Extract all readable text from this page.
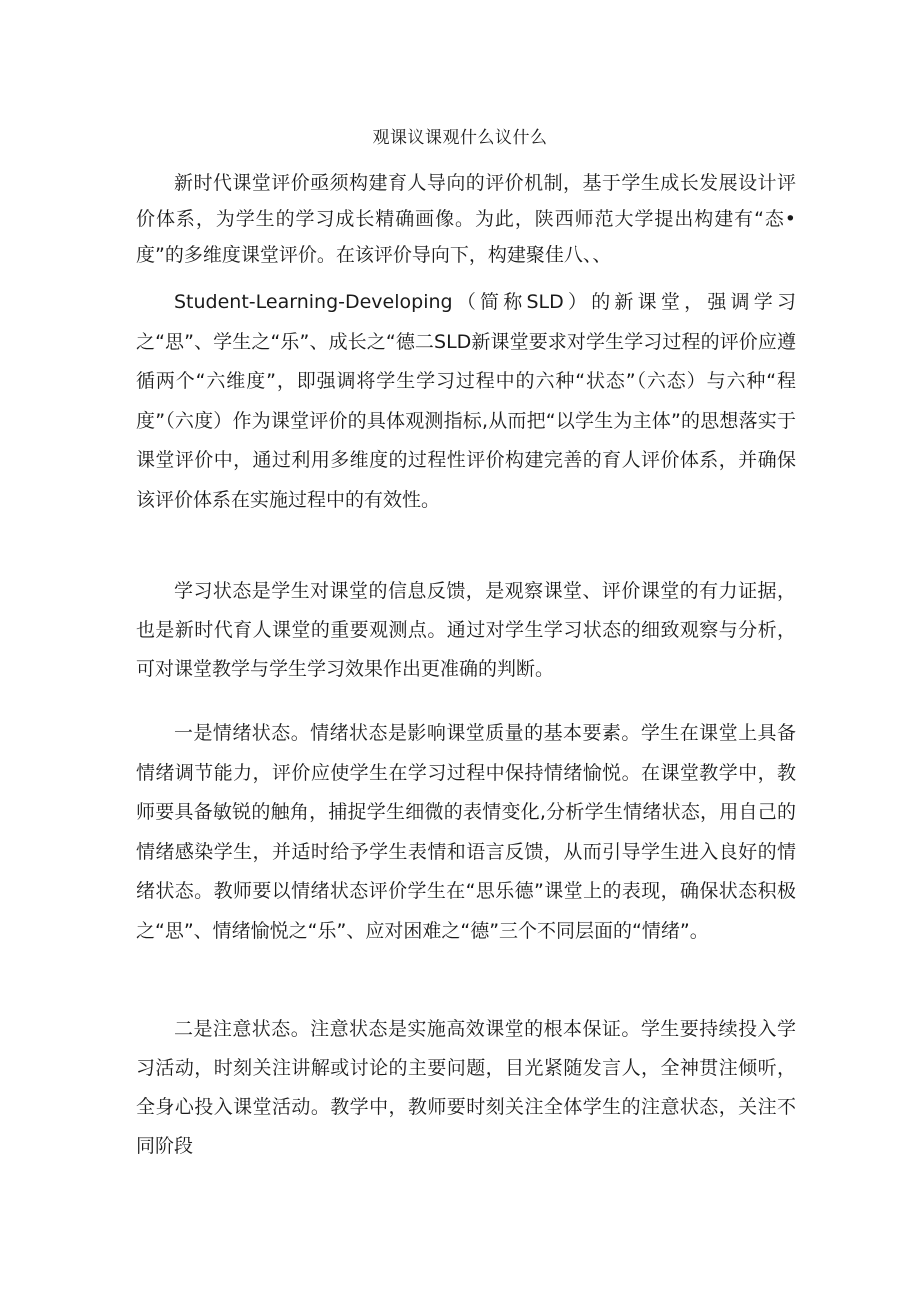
观课议课观什么议什么

新时代课堂评价亟须构建育人导向的评价机制，基于学生成长发展设计评价体系，为学生的学习成长精确画像。为此，陕西师范大学提出构建有“态•度”的多维度课堂评价。在该评价导向下，构建聚佳八、、

Student-Learning-Developing（简称SLD）的新课堂，强调学习之“思”、学生之“乐”、成长之“德二SLD新课堂要求对学生学习过程的评价应遵循两个“六维度”，即强调将学生学习过程中的六种“状态”（六态）与六种“程度”（六度）作为课堂评价的具体观测指标,从而把“以学生为主体”的思想落实于课堂评价中，通过利用多维度的过程性评价构建完善的育人评价体系，并确保该评价体系在实施过程中的有效性。

学习状态是学生对课堂的信息反馈，是观察课堂、评价课堂的有力证据，也是新时代育人课堂的重要观测点。通过对学生学习状态的细致观察与分析，可对课堂教学与学生学习效果作出更准确的判断。

一是情绪状态。情绪状态是影响课堂质量的基本要素。学生在课堂上具备情绪调节能力，评价应使学生在学习过程中保持情绪愉悦。在课堂教学中，教师要具备敏锐的触角，捕捉学生细微的表情变化,分析学生情绪状态，用自己的情绪感染学生，并适时给予学生表情和语言反馈，从而引导学生进入良好的情绪状态。教师要以情绪状态评价学生在“思乐德”课堂上的表现，确保状态积极之“思”、情绪愉悦之“乐”、应对困难之“德”三个不同层面的“情绪”。

二是注意状态。注意状态是实施高效课堂的根本保证。学生要持续投入学习活动，时刻关注讲解或讨论的主要问题，目光紧随发言人，全神贯注倾听，全身心投入课堂活动。教学中，教师要时刻关注全体学生的注意状态，关注不同阶段
